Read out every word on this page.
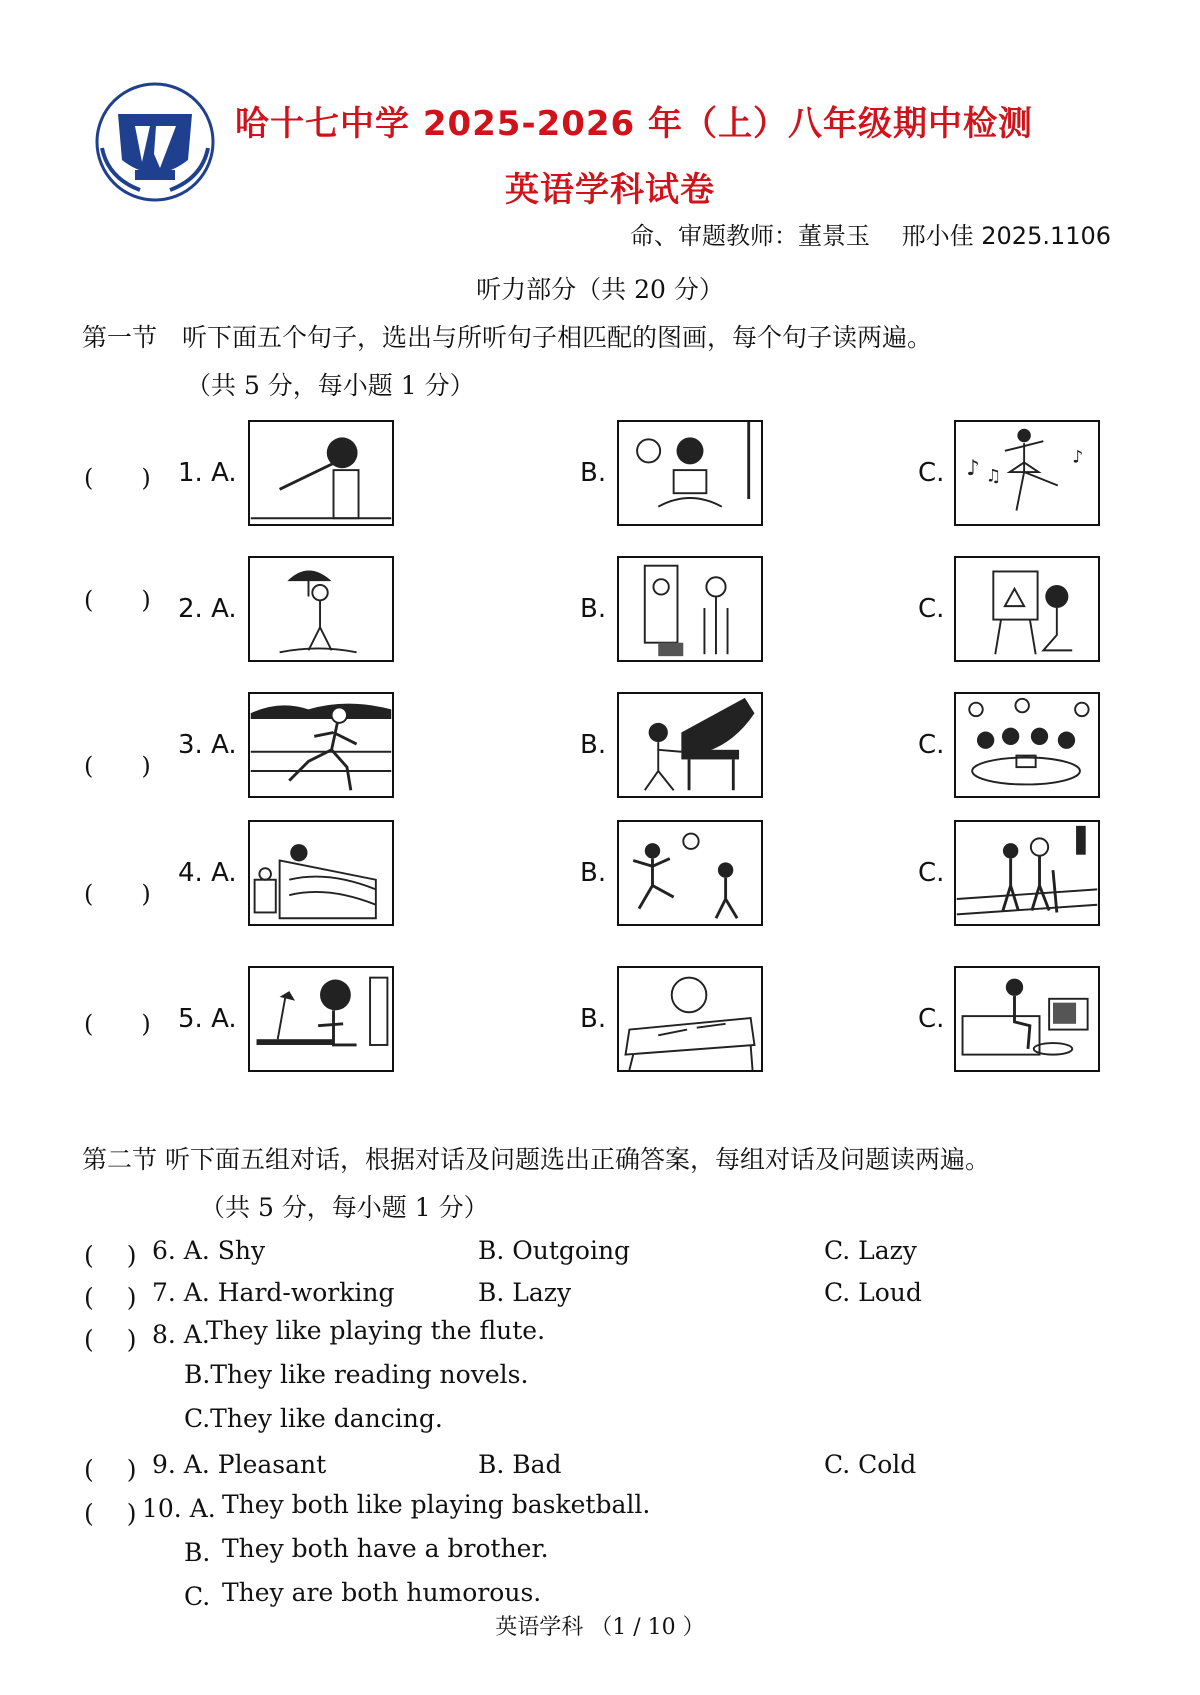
哈十七中学 2025-2026 年（上）八年级期中检测
英语学科试卷
命、审题教师：董景玉　 邢小佳 2025.1106
听力部分（共 20 分）
第一节　听下面五个句子，选出与所听句子相匹配的图画，每个句子读两遍。
（共 5 分，每小题 1 分）
(　　) 1. A.	B.	C. ♪ ♫
♪
(　　) 2. A.	B.	C.
(　　)
3. A.	B.	C.
(　　)
4. A.	B.	C.
(　　) 5. A.	B.	C.
第二节 听下面五组对话，根据对话及问题选出正确答案，每组对话及问题读两遍。
（共 5 分，每小题 1 分）
(　 ) 6. A. Shy	B. Outgoing	C. Lazy
(　 ) 7. A. Hard-working	B. Lazy	C. Loud
(　 ) 8. A.
They like playing the flute.
B.They like reading novels.
C.They like dancing.
(　 ) 9. A. Pleasant	B. Bad	C. Cold
(　 ) 10. A. They both like playing basketball.
B. They both have a brother.
C. They are both humorous.
英语学科 （1 / 10 ）
